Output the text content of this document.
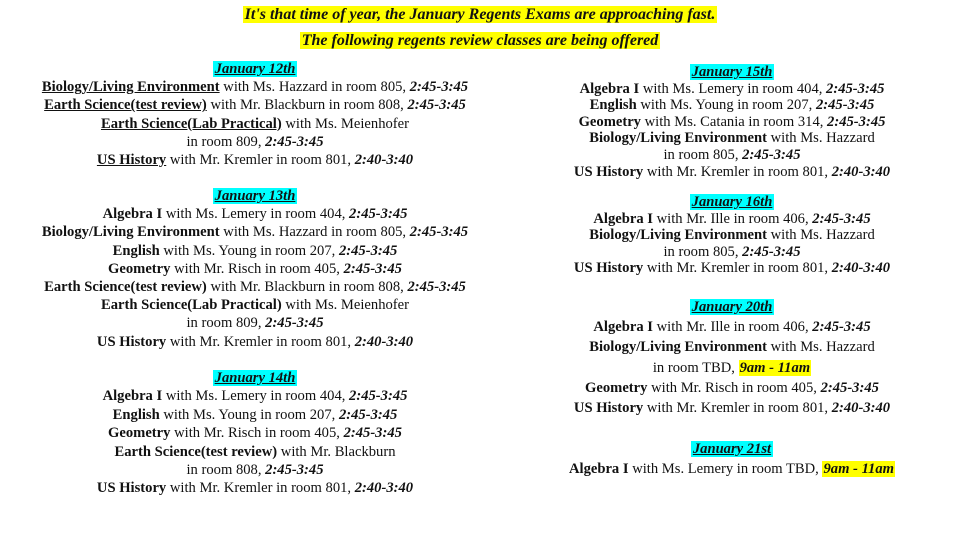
It's that time of year, the January Regents Exams are approaching fast.
The following regents review classes are being offered
January 12th
Biology/Living Environment with Ms. Hazzard in room 805, 2:45-3:45
Earth Science(test review) with Mr. Blackburn in room 808, 2:45-3:45
Earth Science(Lab Practical) with Ms. Meienhofer
in room 809, 2:45-3:45
US History with Mr. Kremler in room 801, 2:40-3:40
January 13th
Algebra I with Ms. Lemery in room 404, 2:45-3:45
Biology/Living Environment with Ms. Hazzard in room 805, 2:45-3:45
English with Ms. Young in room 207, 2:45-3:45
Geometry with Mr. Risch in room 405, 2:45-3:45
Earth Science(test review) with Mr. Blackburn in room 808, 2:45-3:45
Earth Science(Lab Practical) with Ms. Meienhofer
in room 809, 2:45-3:45
US History with Mr. Kremler in room 801, 2:40-3:40
January 14th
Algebra I with Ms. Lemery in room 404, 2:45-3:45
English with Ms. Young in room 207, 2:45-3:45
Geometry with Mr. Risch in room 405, 2:45-3:45
Earth Science(test review) with Mr. Blackburn
in room 808, 2:45-3:45
US History with Mr. Kremler in room 801, 2:40-3:40
January 15th
Algebra I with Ms. Lemery in room 404, 2:45-3:45
English with Ms. Young in room 207, 2:45-3:45
Geometry with Ms. Catania in room 314, 2:45-3:45
Biology/Living Environment with Ms. Hazzard
in room 805, 2:45-3:45
US History with Mr. Kremler in room 801, 2:40-3:40
January 16th
Algebra I with Mr. Ille in room 406, 2:45-3:45
Biology/Living Environment with Ms. Hazzard
in room 805, 2:45-3:45
US History with Mr. Kremler in room 801, 2:40-3:40
January 20th
Algebra I with Mr. Ille in room 406, 2:45-3:45
Biology/Living Environment with Ms. Hazzard
in room TBD, 9am - 11am
Geometry with Mr. Risch in room 405, 2:45-3:45
US History with Mr. Kremler in room 801, 2:40-3:40
January 21st
Algebra I with Ms. Lemery in room TBD, 9am - 11am
